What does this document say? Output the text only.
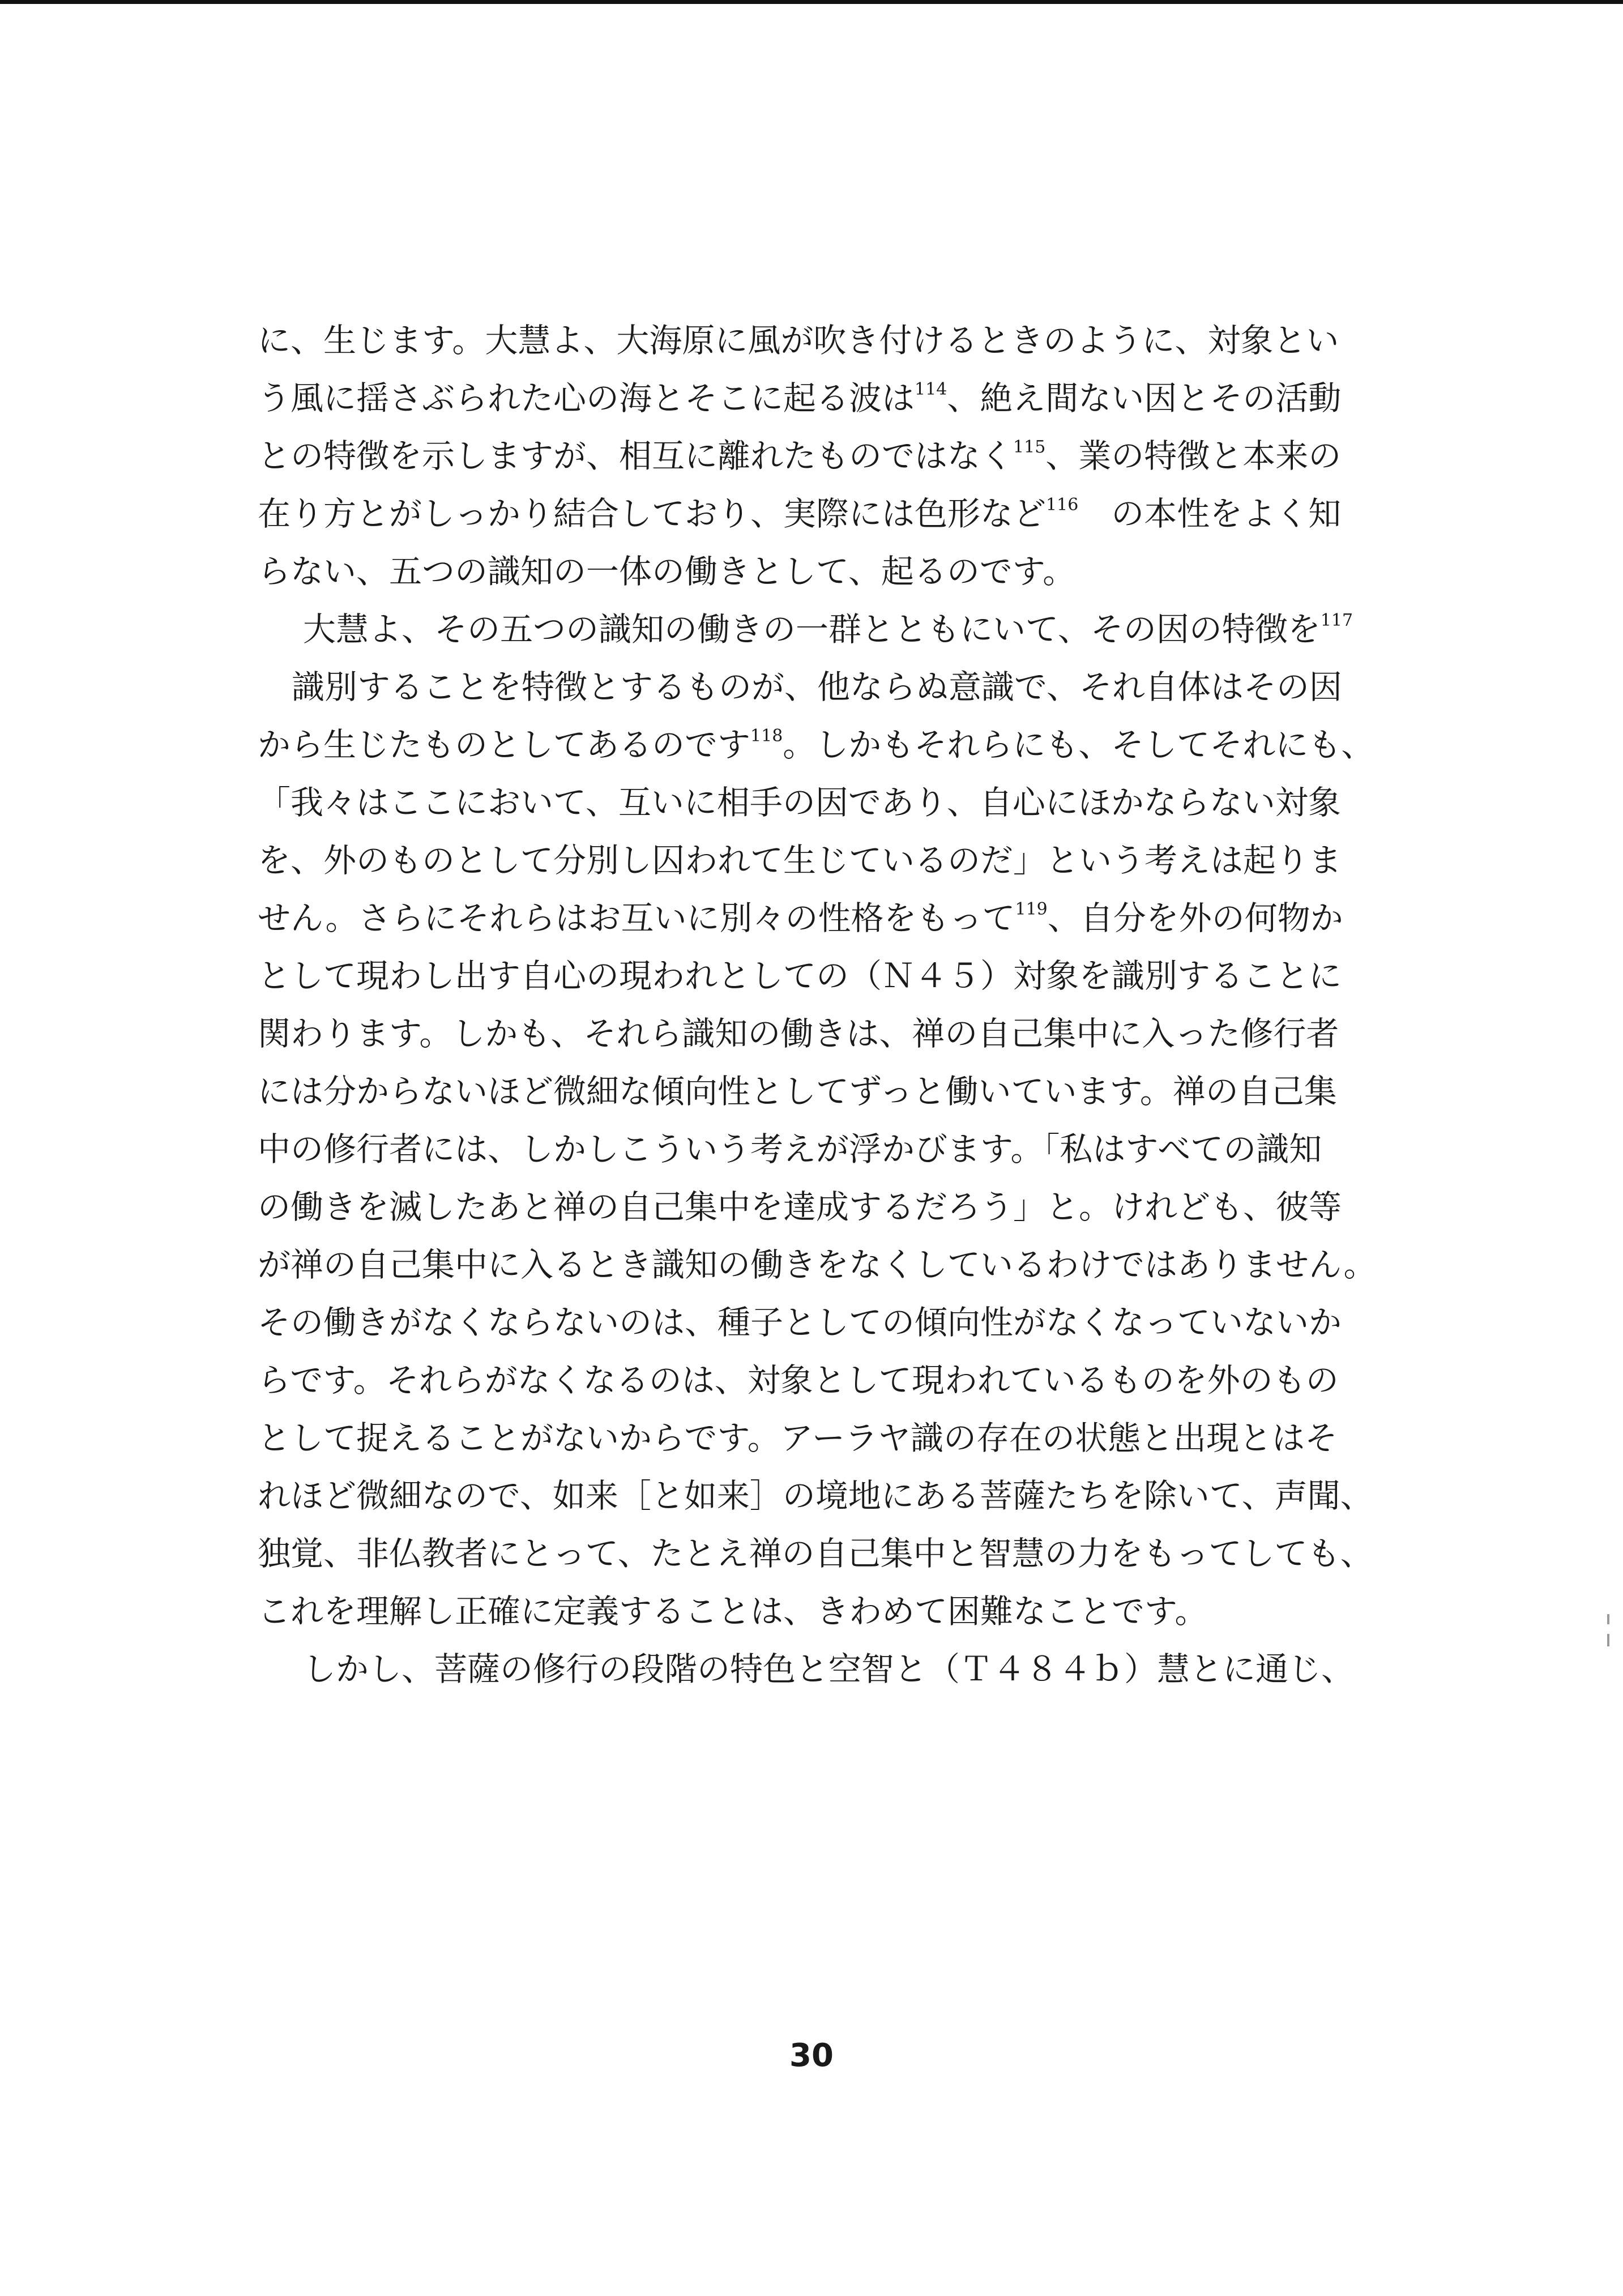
に、生じます。大慧よ、大海原に風が吹き付けるときのように、対象とい
う風に揺さぶられた心の海とそこに起る波は$^{114}$、絶え間ない因とその活動
との特徴を示しますが、相互に離れたものではなく$^{115}$、業の特徴と本来の
在り方とがしっかり結合しており、実際には色形など$^{116}$　の本性をよく知
らない、五つの識知の一体の働きとして、起るのです。
大慧よ、その五つの識知の働きの一群とともにいて、その因の特徴を$^{117}$
識別することを特徴とするものが、他ならぬ意識で、それ自体はその因
から生じたものとしてあるのです$^{118}$。しかもそれらにも、そしてそれにも、
「我々はここにおいて、互いに相手の因であり、自心にほかならない対象
を、外のものとして分別し囚われて生じているのだ」という考えは起りま
せん。さらにそれらはお互いに別々の性格をもって$^{119}$、自分を外の何物か
として現わし出す自心の現われとしての（Ｎ４５）対象を識別することに
関わります。しかも、それら識知の働きは、禅の自己集中に入った修行者
には分からないほど微細な傾向性としてずっと働いています。禅の自己集
中の修行者には、しかしこういう考えが浮かびます。「私はすべての識知
の働きを滅したあと禅の自己集中を達成するだろう」と。けれども、彼等
が禅の自己集中に入るとき識知の働きをなくしているわけではありません。
その働きがなくならないのは、種子としての傾向性がなくなっていないか
らです。それらがなくなるのは、対象として現われているものを外のもの
として捉えることがないからです。アーラヤ識の存在の状態と出現とはそ
れほど微細なので、如来［と如来］の境地にある菩薩たちを除いて、声聞、
独覚、非仏教者にとって、たとえ禅の自己集中と智慧の力をもってしても、
これを理解し正確に定義することは、きわめて困難なことです。
しかし、菩薩の修行の段階の特色と空智と（Ｔ４８４ｂ）慧とに通じ、
30
